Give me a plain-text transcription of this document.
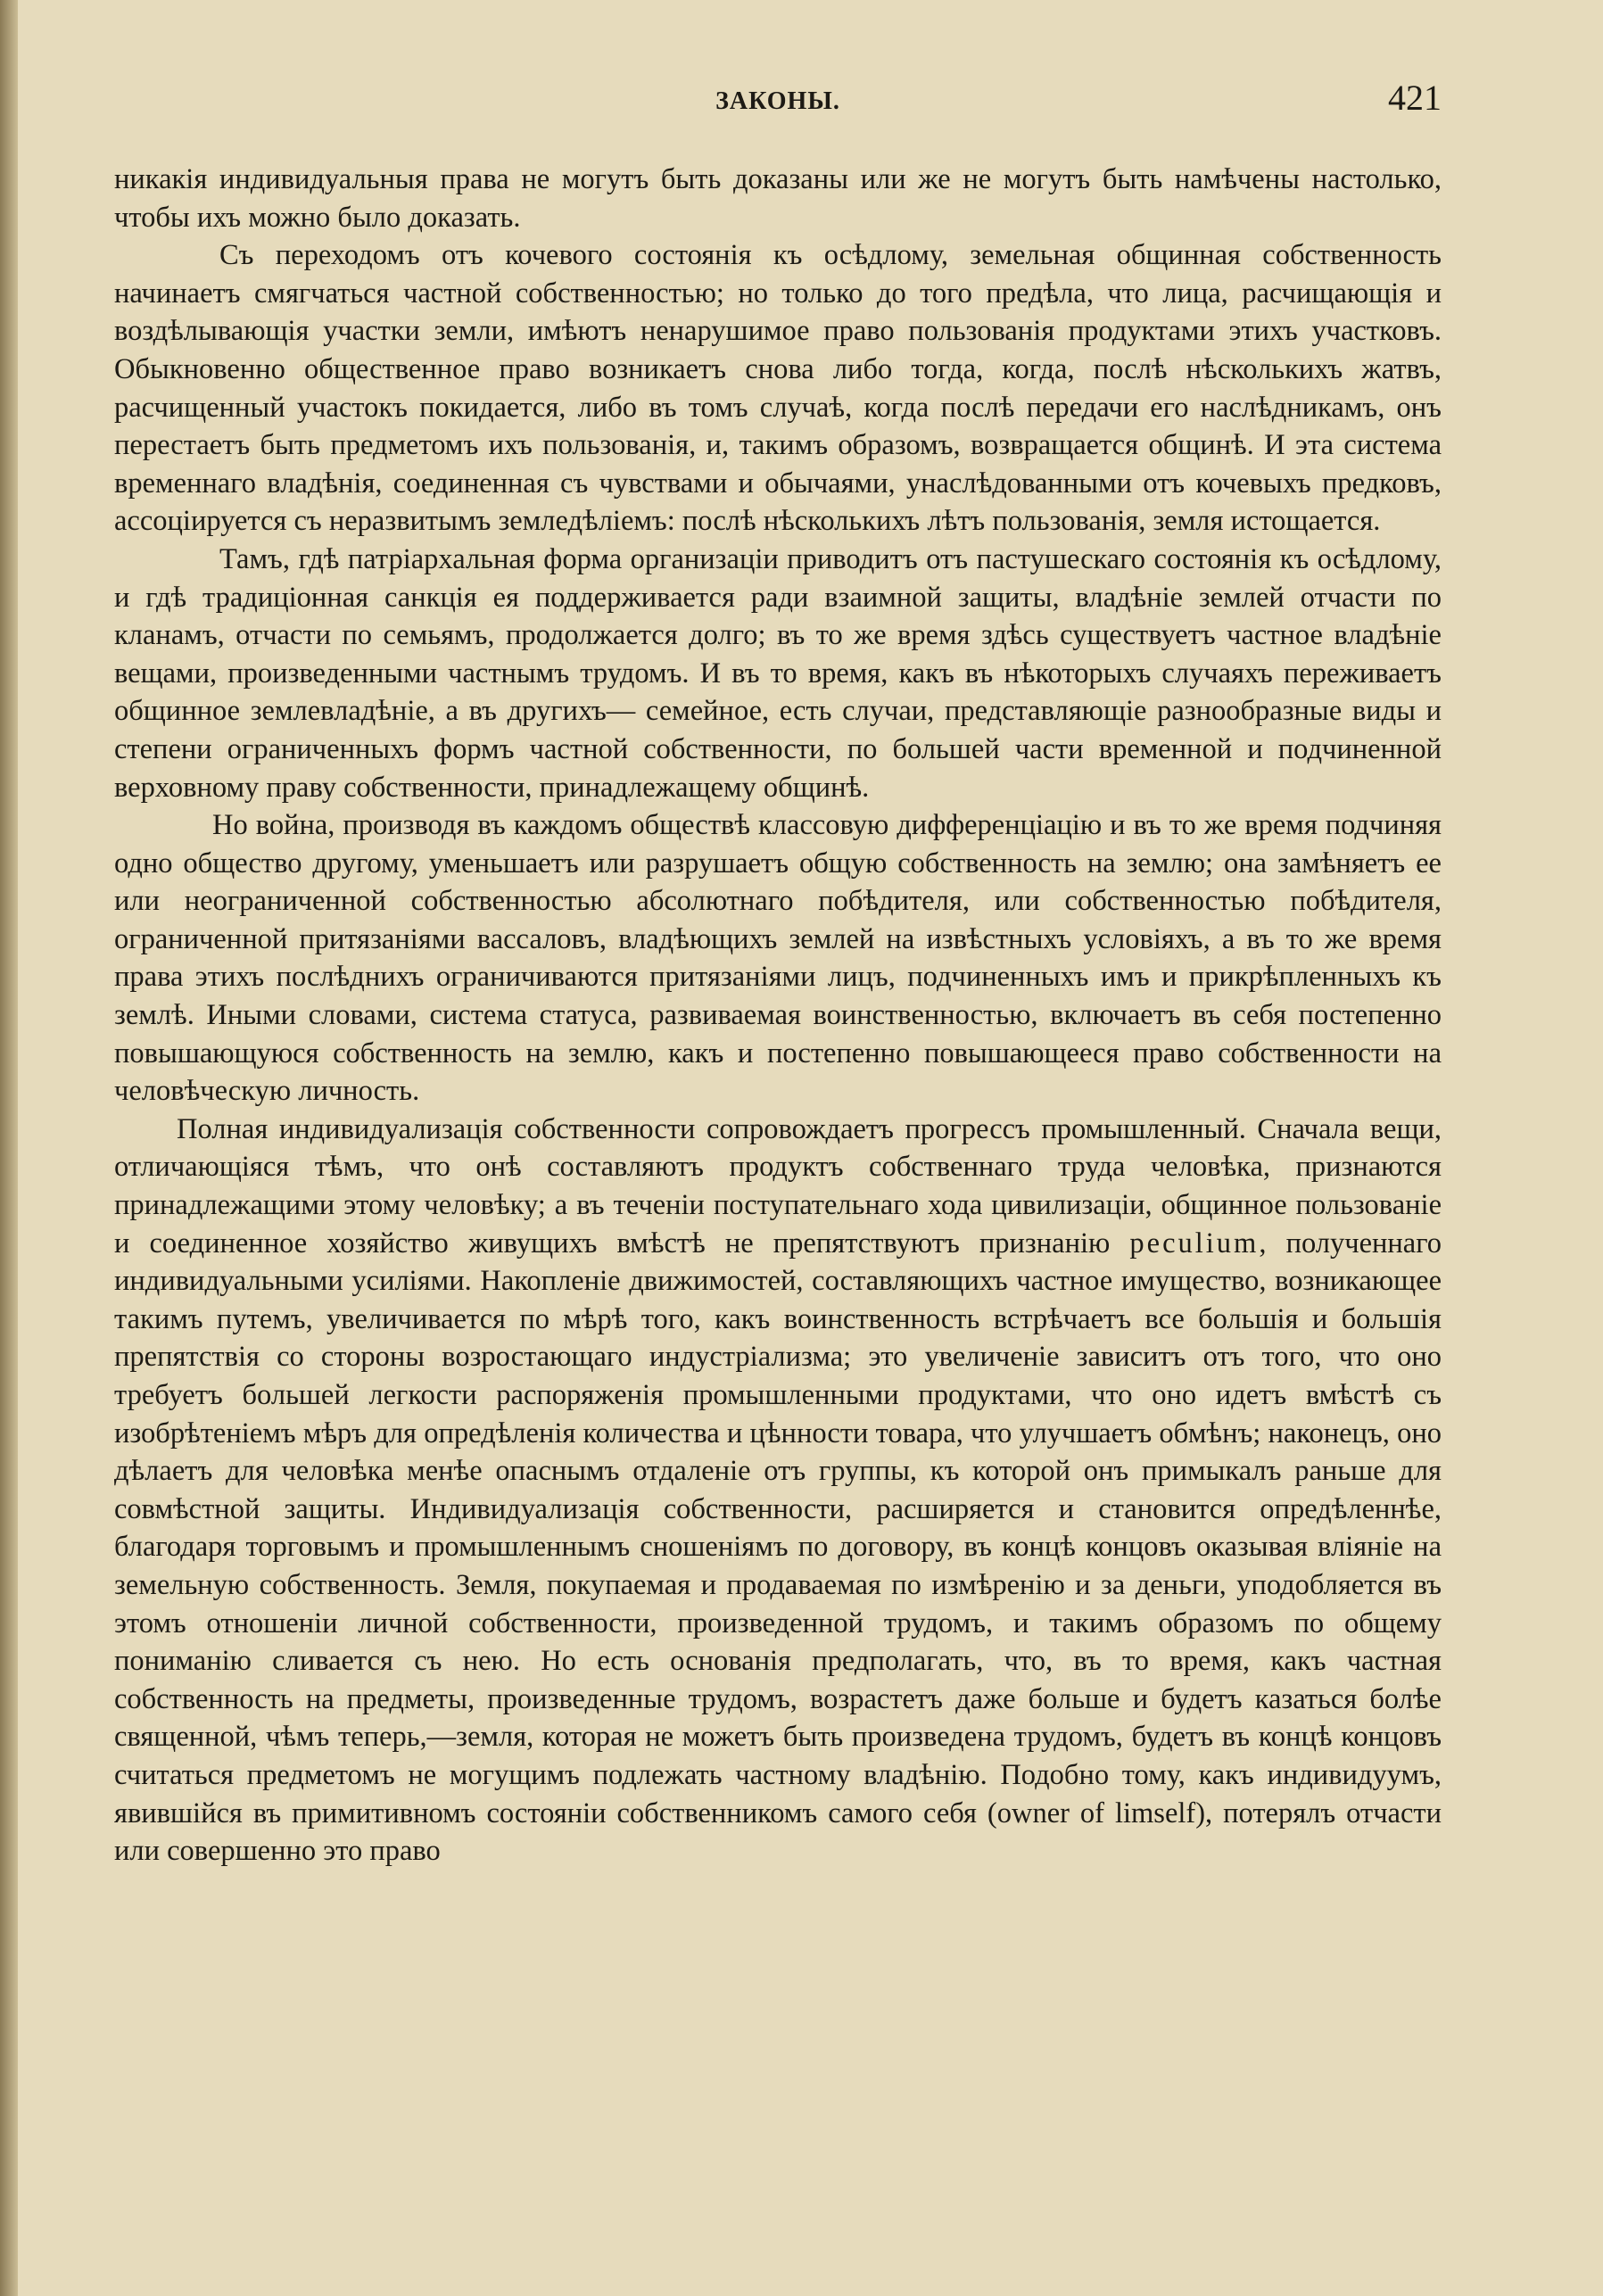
ЗАКОНЫ.	421

никакія индивидуальныя права не могутъ быть доказаны или же не могутъ быть намѣчены настолько, чтобы ихъ можно было доказать.

Съ переходомъ отъ кочевого состоянія къ осѣдлому, земельная общинная собственность начинаетъ смягчаться частной собственностью; но только до того предѣла, что лица, расчищающія и воздѣлывающія участки земли, имѣютъ ненарушимое право пользованія продуктами этихъ участковъ. Обыкновенно общественное право возникаетъ снова либо тогда, когда, послѣ нѣсколькихъ жатвъ, расчищенный участокъ покидается, либо въ томъ случаѣ, когда послѣ передачи его наслѣдникамъ, онъ перестаетъ быть предметомъ ихъ пользованія, и, такимъ образомъ, возвращается общинѣ. И эта система временнаго владѣнія, соединенная съ чувствами и обычаями, унаслѣдованными отъ кочевыхъ предковъ, ассоціируется съ неразвитымъ земледѣліемъ: послѣ нѣсколькихъ лѣтъ пользованія, земля истощается.

Тамъ, гдѣ патріархальная форма организаціи приводитъ отъ пастушескаго состоянія къ осѣдлому, и гдѣ традиціонная санкція ея поддерживается ради взаимной защиты, владѣніе землей отчасти по кланамъ, отчасти по семьямъ, продолжается долго; въ то же время здѣсь существуетъ частное владѣніе вещами, произведенными частнымъ трудомъ. И въ то время, какъ въ нѣкоторыхъ случаяхъ переживаетъ общинное землевладѣніе, а въ другихъ— семейное, есть случаи, представляющіе разнообразные виды и степени ограниченныхъ формъ частной собственности, по большей части временной и подчиненной верховному праву собственности, принадлежащему общинѣ.

Но война, производя въ каждомъ обществѣ классовую дифференціацію и въ то же время подчиняя одно общество другому, уменьшаетъ или разрушаетъ общую собственность на землю; она замѣняетъ ее или неограниченной собственностью абсолютнаго побѣдителя, или собственностью побѣдителя, ограниченной притязаніями вассаловъ, владѣющихъ землей на извѣстныхъ условіяхъ, а въ то же время права этихъ послѣднихъ ограничиваются притязаніями лицъ, подчиненныхъ имъ и прикрѣпленныхъ къ землѣ. Иными словами, система статуса, развиваемая воинственностью, включаетъ въ себя постепенно повышающуюся собственность на землю, какъ и постепенно повышающееся право собственности на человѣческую личность.

Полная индивидуализація собственности сопровождаетъ прогрессъ промышленный. Сначала вещи, отличающіяся тѣмъ, что онѣ составляютъ продуктъ собственнаго труда человѣка, признаются принадлежащими этому человѣку; а въ теченіи поступательнаго хода цивилизаціи, общинное пользованіе и соединенное хозяйство живущихъ вмѣстѣ не препятствуютъ признанію peculium, полученнаго индивидуальными усиліями. Накопленіе движимостей, составляющихъ частное имущество, возникающее такимъ путемъ, увеличивается по мѣрѣ того, какъ воинственность встрѣчаетъ все большія и большія препятствія со стороны возростающаго индустріализма; это увеличеніе зависитъ отъ того, что оно требуетъ большей легкости распоряженія промышленными продуктами, что оно идетъ вмѣстѣ съ изобрѣтеніемъ мѣръ для опредѣленія количества и цѣнности товара, что улучшаетъ обмѣнъ; наконецъ, оно дѣлаетъ для человѣка менѣе опаснымъ отдаленіе отъ группы, къ которой онъ примыкалъ раньше для совмѣстной защиты. Индивидуализація собственности, расширяется и становится опредѣленнѣе, благодаря торговымъ и промышленнымъ сношеніямъ по договору, въ концѣ концовъ оказывая вліяніе на земельную собственность. Земля, покупаемая и продаваемая по измѣренію и за деньги, уподобляется въ этомъ отношеніи личной собственности, произведенной трудомъ, и такимъ образомъ по общему пониманію сливается съ нею. Но есть основанія предполагать, что, въ то время, какъ частная собственность на предметы, произведенные трудомъ, возрастетъ даже больше и будетъ казаться болѣе священной, чѣмъ теперь,—земля, которая не можетъ быть произведена трудомъ, будетъ въ концѣ концовъ считаться предметомъ не могущимъ подлежать частному владѣнію. Подобно тому, какъ индивидуумъ, явившійся въ примитивномъ состояніи собственникомъ самого себя (owner of limself), потерялъ отчасти или совершенно это право
